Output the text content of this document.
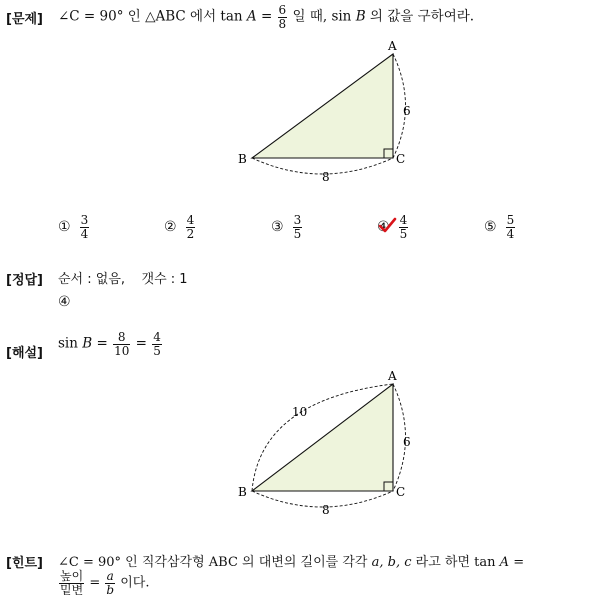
[문제] ∠C = 90° 인 △ABC 에서 $\tan A = \frac{6}{8}$ 일 때, sin B 의 값을 구하여라.
A
B	C
6
8
① $\frac{3}{4}$	② $\frac{4}{2}$	③ $\frac{3}{5}$	④ $\frac{4}{5}$	⑤ $\frac{5}{4}$
[정답] 순서 : 없음,    갯수 : 1
④
[해설]
$\sin B = \frac{8}{10} = \frac{4}{5}$
A
B	C
10
6
8
[힌트] ∠C = 90° 인 직각삼각형 ABC 의 대변의 길이를 각각 a, b, c 라고 하면 tan A =
$\frac{\text{높이}}{\text{밑변}} = \frac{a}{b}$ 이다.
